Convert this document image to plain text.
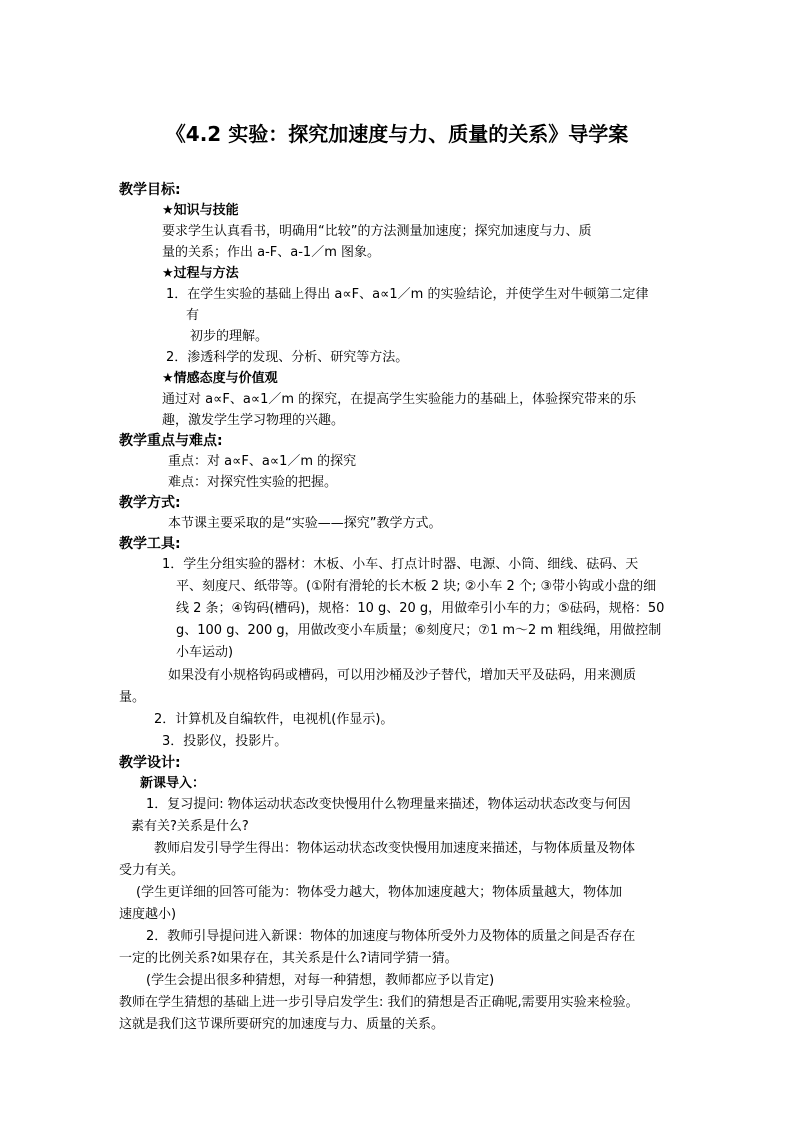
《4.2 实验：探究加速度与力、质量的关系》导学案
教学目标:
★知识与技能
要求学生认真看书，明确用“比较”的方法测量加速度；探究加速度与力、质
量的关系；作出 a-F、a-1／m 图象。
★过程与方法
1．在学生实验的基础上得出 a∝F、a∝1／m 的实验结论，并使学生对牛顿第二定律
有
初步的理解。
2．渗透科学的发现、分析、研究等方法。
★情感态度与价值观
通过对 a∝F、a∝1／m 的探究，在提高学生实验能力的基础上，体验探究带来的乐
趣，激发学生学习物理的兴趣。
教学重点与难点:
重点：对 a∝F、a∝1／m 的探究
难点：对探究性实验的把握。
教学方式:
本节课主要采取的是“实验——探究”教学方式。
教学工具:
1．学生分组实验的器材：木板、小车、打点计时器、电源、小筒、细线、砝码、天
平、刻度尺、纸带等。(①附有滑轮的长木板 2 块; ②小车 2 个; ③带小钩或小盘的细
线 2 条；④钩码(槽码)，规格：10 g、20 g，用做牵引小车的力；⑤砝码，规格：50
g、100 g、200 g，用做改变小车质量；⑥刻度尺；⑦1 m～2 m 粗线绳，用做控制
小车运动)
如果没有小规格钩码或槽码，可以用沙桶及沙子替代，增加天平及砝码，用来测质
量。
2．计算机及自编软件，电视机(作显示)。
3．投影仪，投影片。
教学设计:
新课导入：
1．复习提问: 物体运动状态改变快慢用什么物理量来描述，物体运动状态改变与何因
素有关?关系是什么?
教师启发引导学生得出：物体运动状态改变快慢用加速度来描述，与物体质量及物体
受力有关。
(学生更详细的回答可能为：物体受力越大，物体加速度越大；物体质量越大，物体加
速度越小)
2．教师引导提问进入新课：物体的加速度与物体所受外力及物体的质量之间是否存在
一定的比例关系?如果存在，其关系是什么?请同学猜一猜。
(学生会提出很多种猜想，对每一种猜想，教师都应予以肯定)
教师在学生猜想的基础上进一步引导启发学生: 我们的猜想是否正确呢,需要用实验来检验。
这就是我们这节课所要研究的加速度与力、质量的关系。
